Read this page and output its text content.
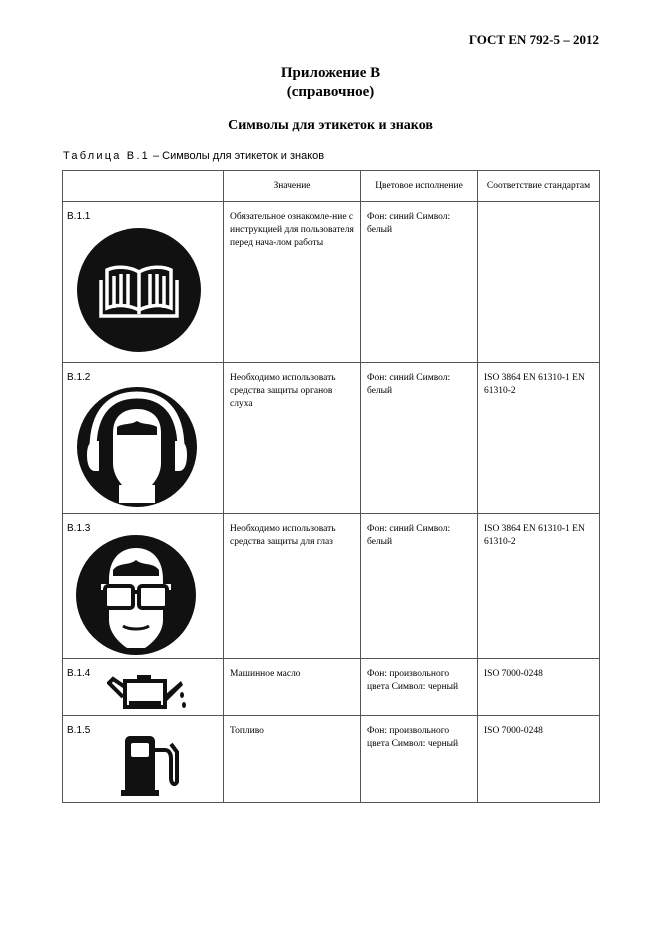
ГОСТ EN 792-5 – 2012
Приложение В
(справочное)
Символы для этикеток и знаков
Таблица В.1 – Символы для этикеток и знаков
	Значение	Цветовое исполнение	Соответствие стандартам

B.1.1	Обязательное ознакомле-ние с инструкцией для пользователя перед нача-лом работы	Фон: синий Символ: белый	

B.1.2	Необходимо использовать средства защиты органов слуха	Фон: синий Символ: белый	ISO 3864 EN 61310-1 EN 61310-2

B.1.3	Необходимо использовать средства защиты для глаз	Фон: синий Символ: белый	ISO 3864 EN 61310-1 EN 61310-2

B.1.4	Машинное масло	Фон: произвольного цвета Символ: черный	ISO 7000-0248

B.1.5	Топливо	Фон: произвольного цвета Символ: черный	ISO 7000-0248
